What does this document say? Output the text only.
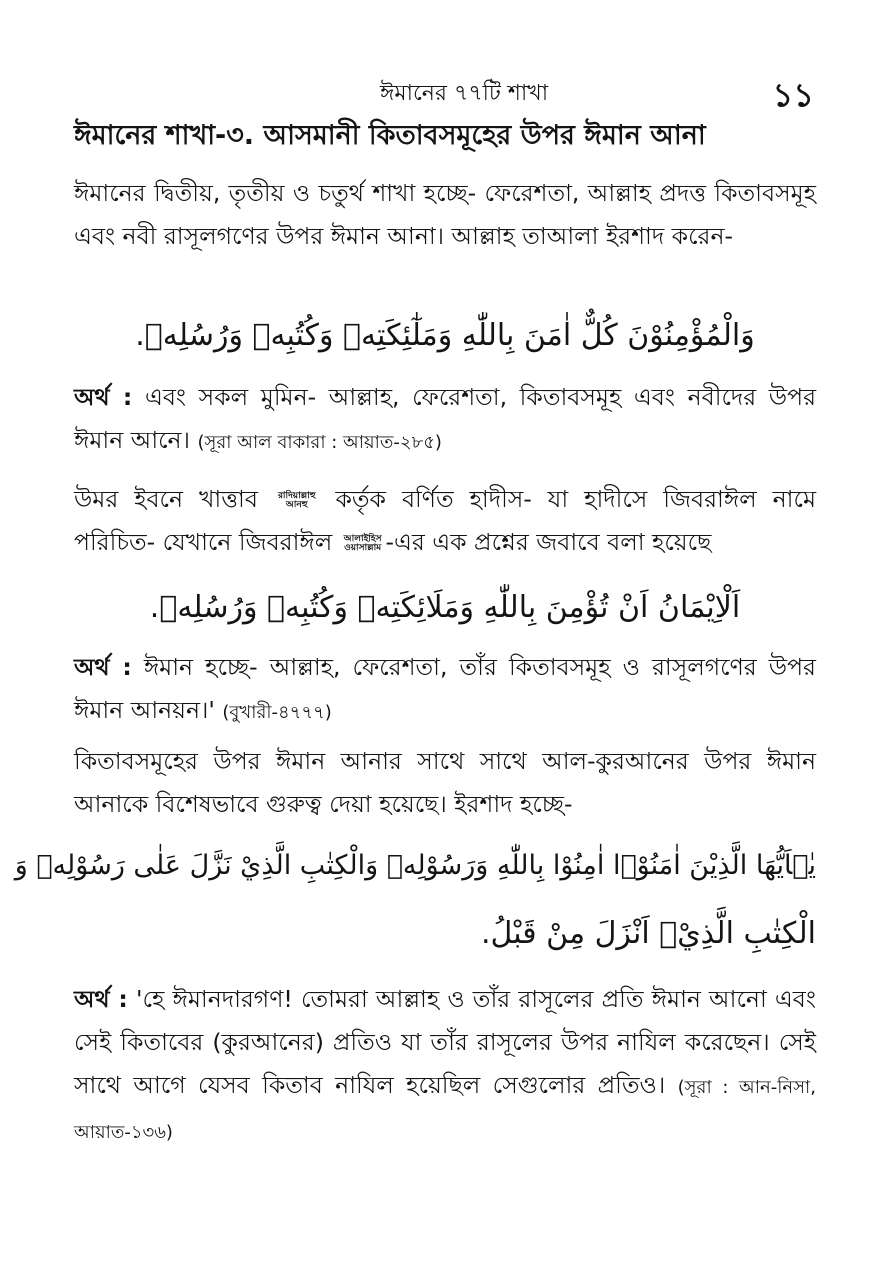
ঈমানের ৭৭টি শাখা	১১
ঈমানের শাখা-৩. আসমানী কিতাবসমূহের উপর ঈমান আনা

ঈমানের দ্বিতীয়, তৃতীয় ও চতুর্থ শাখা হচ্ছে- ফেরেশতা, আল্লাহ প্রদত্ত কিতাবসমূহ এবং নবী রাসূলগণের উপর ঈমান আনা। আল্লাহ তাআলা ইরশাদ করেন-

وَالْمُؤْمِنُوْنَ كُلٌّ اٰمَنَ بِاللّٰهِ وَمَلٰٓئِكَتِهٖ وَكُتُبِهٖ وَرُسُلِهٖ.

অর্থ : এবং সকল মুমিন- আল্লাহ, ফেরেশতা, কিতাবসমূহ এবং নবীদের উপর ঈমান আনে। (সূরা আল বাকারা : আয়াত-২৮৫)

উমর ইবনে খাত্তাব রাদিয়াল্লাহু
আনহু	কর্তৃক বর্ণিত হাদীস- যা হাদীসে জিবরাঈল নামে পরিচিত- যেখানে জিবরাঈল আলাইহিস
ওয়াসাল্লাম -এর এক প্রশ্নের জবাবে বলা হয়েছে

اَلْاِيْمَانُ اَنْ تُؤْمِنَ بِاللّٰهِ وَمَلَائِكَتِهٖ وَكُتُبِهٖ وَرُسُلِهٖ.

অর্থ : ঈমান হচ্ছে- আল্লাহ, ফেরেশতা, তাঁর কিতাবসমূহ ও রাসূলগণের উপর ঈমান আনয়ন।' (বুখারী-৪৭৭৭)

কিতাবসমূহের উপর ঈমান আনার সাথে সাথে আল-কুরআনের উপর ঈমান আনাকে বিশেষভাবে গুরুত্ব দেয়া হয়েছে। ইরশাদ হচ্ছে-

يٰۤاَيُّهَا الَّذِيْنَ اٰمَنُوْۤا اٰمِنُوْا بِاللّٰهِ وَرَسُوْلِهٖ وَالْكِتٰبِ الَّذِيْ نَزَّلَ عَلٰى رَسُوْلِهٖ وَ

الْكِتٰبِ الَّذِيْۤ اَنْزَلَ مِنْ قَبْلُ.

অর্থ : 'হে ঈমানদারগণ! তোমরা আল্লাহ ও তাঁর রাসূলের প্রতি ঈমান আনো এবং সেই কিতাবের (কুরআনের) প্রতিও যা তাঁর রাসূলের উপর নাযিল করেছেন। সেই সাথে আগে যেসব কিতাব নাযিল হয়েছিল সেগুলোর প্রতিও। (সূরা : আন-নিসা, আয়াত-১৩৬)
